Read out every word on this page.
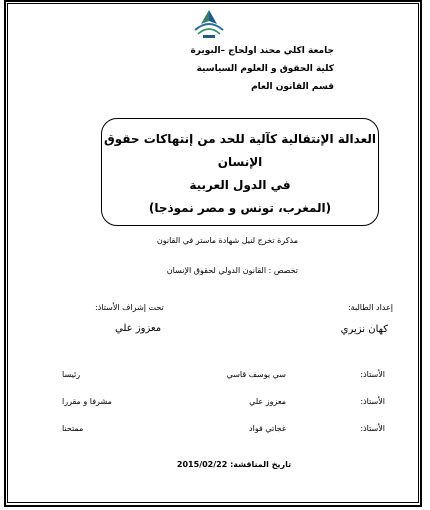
جامعة اكلي محند اولحاج –البويرة
كلية الحقوق و العلوم السياسية
قسم القانون العام
العدالة الإنتقالية كآلية للحد من إنتهاكات حقوق الإنسان
في الدول العربية
(المغرب، تونس و مصر نموذجا)
مذكرة تخرج لنيل شهادة ماستر في القانون
تخصص : القانون الدولي لحقوق الإنسان
إعداد الطالبة:
كهان نزيري
تحت إشراف الأستاذ:
معزوز علي
الأستاذ:
سي يوسف قاسي
رئيسا
الأستاذ:
معزوز علي
مشرفا و مقررا
الأستاذ:
غجاتي فواد
ممتحنا
تاريخ المناقشة: 2015/02/22
